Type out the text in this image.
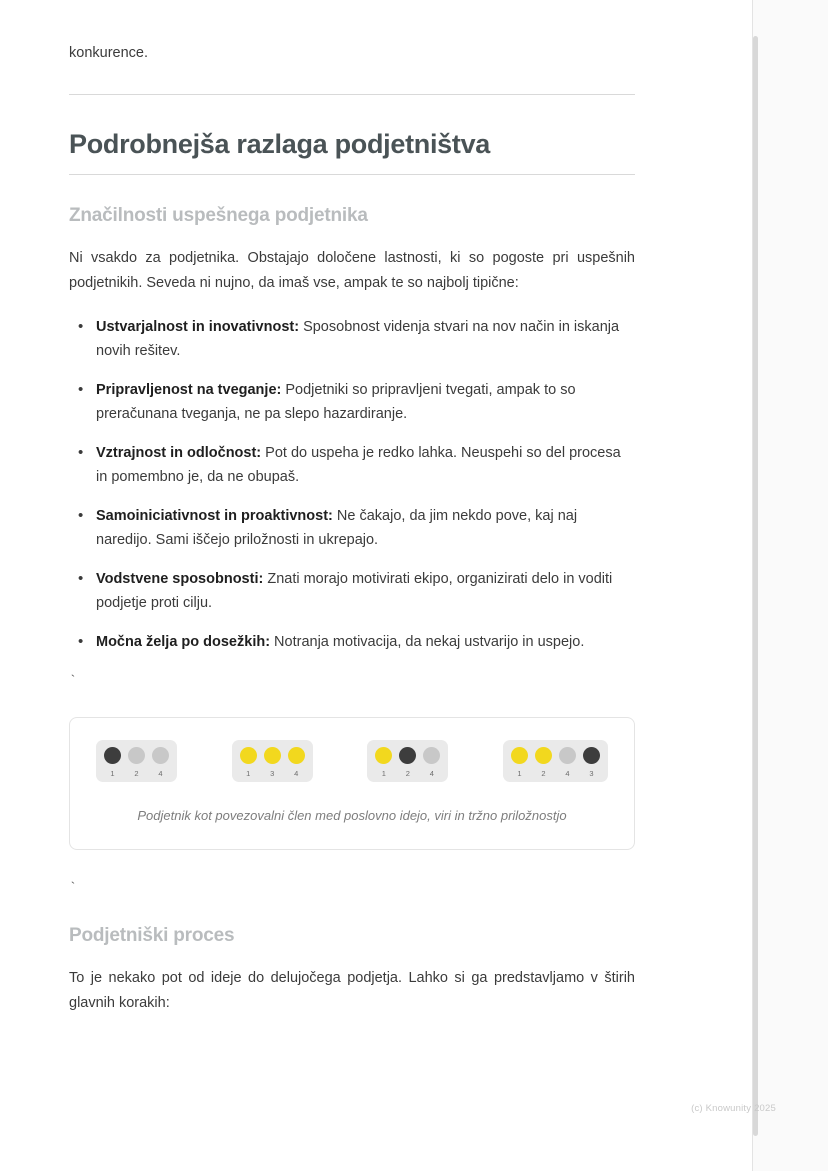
konkurence.

Podrobnejša razlaga podjetništva
Značilnosti uspešnega podjetnika

Ni vsakdo za podjetnika. Obstajajo določene lastnosti, ki so pogoste pri uspešnih podjetnikih. Seveda ni nujno, da imaš vse, ampak te so najbolj tipične:

• Ustvarjalnost in inovativnost: Sposobnost videnja stvari na nov način in iskanja novih rešitev.
• Pripravljenost na tveganje: Podjetniki so pripravljeni tvegati, ampak to so preračunana tveganja, ne pa slepo hazardiranje.
• Vztrajnost in odločnost: Pot do uspeha je redko lahka. Neuspehi so del procesa in pomembno je, da ne obupaš.
• Samoiniciativnost in proaktivnost: Ne čakajo, da jim nekdo pove, kaj naj naredijo. Sami iščejo priložnosti in ukrepajo.
• Vodstvene sposobnosti: Znati morajo motivirati ekipo, organizirati delo in voditi podjetje proti cilju.
• Močna želja po dosežkih: Notranja motivacija, da nekaj ustvarijo in uspejo.

`

1	2	4	1	3	4	1	2	4	1	2	4	3

Podjetnik kot povezovalni člen med poslovno idejo, viri in tržno priložnostjo

`

Podjetniški proces

To je nekako pot od ideje do delujočega podjetja. Lahko si ga predstavljamo v štirih glavnih korakih:

(c) Knowunity 2025
